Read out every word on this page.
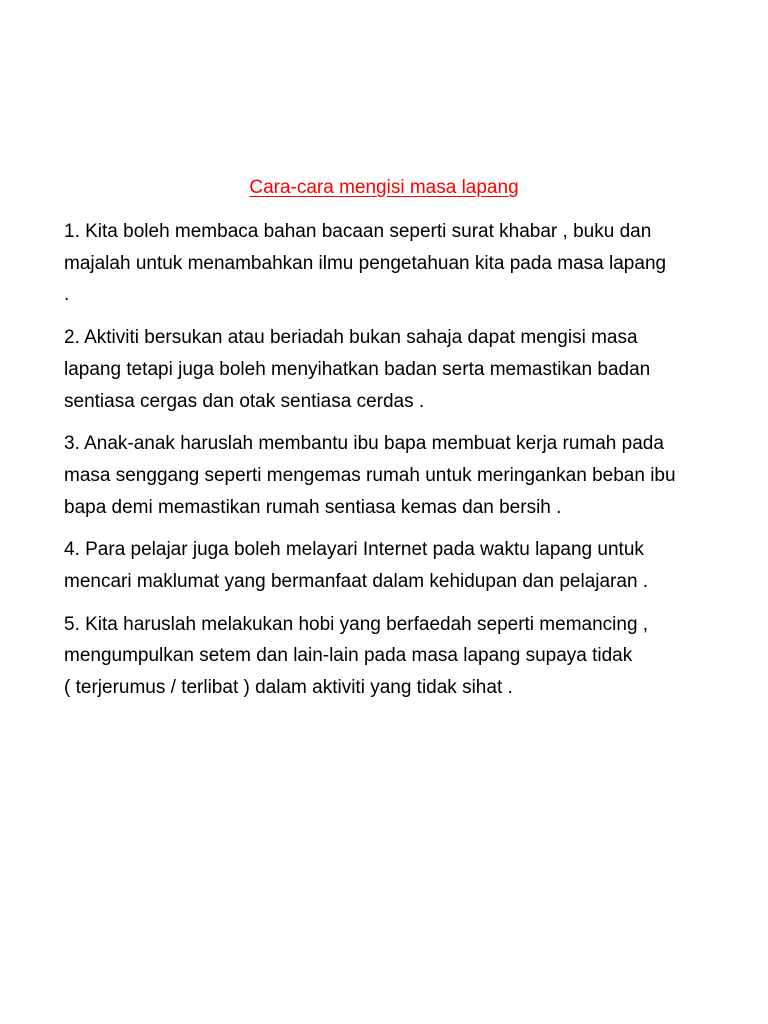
Cara-cara mengisi masa lapang
1. Kita boleh membaca bahan bacaan seperti surat khabar , buku dan
majalah untuk menambahkan ilmu pengetahuan kita pada masa lapang
.
2. Aktiviti bersukan atau beriadah bukan sahaja dapat mengisi masa
lapang tetapi juga boleh menyihatkan badan serta memastikan badan
sentiasa cergas dan otak sentiasa cerdas .
3. Anak-anak haruslah membantu ibu bapa membuat kerja rumah pada
masa senggang seperti mengemas rumah untuk meringankan beban ibu
bapa demi memastikan rumah sentiasa kemas dan bersih .
4. Para pelajar juga boleh melayari Internet pada waktu lapang untuk
mencari maklumat yang bermanfaat dalam kehidupan dan pelajaran .
5. Kita haruslah melakukan hobi yang berfaedah seperti memancing ,
mengumpulkan setem dan lain-lain pada masa lapang supaya tidak
( terjerumus / terlibat ) dalam aktiviti yang tidak sihat .
